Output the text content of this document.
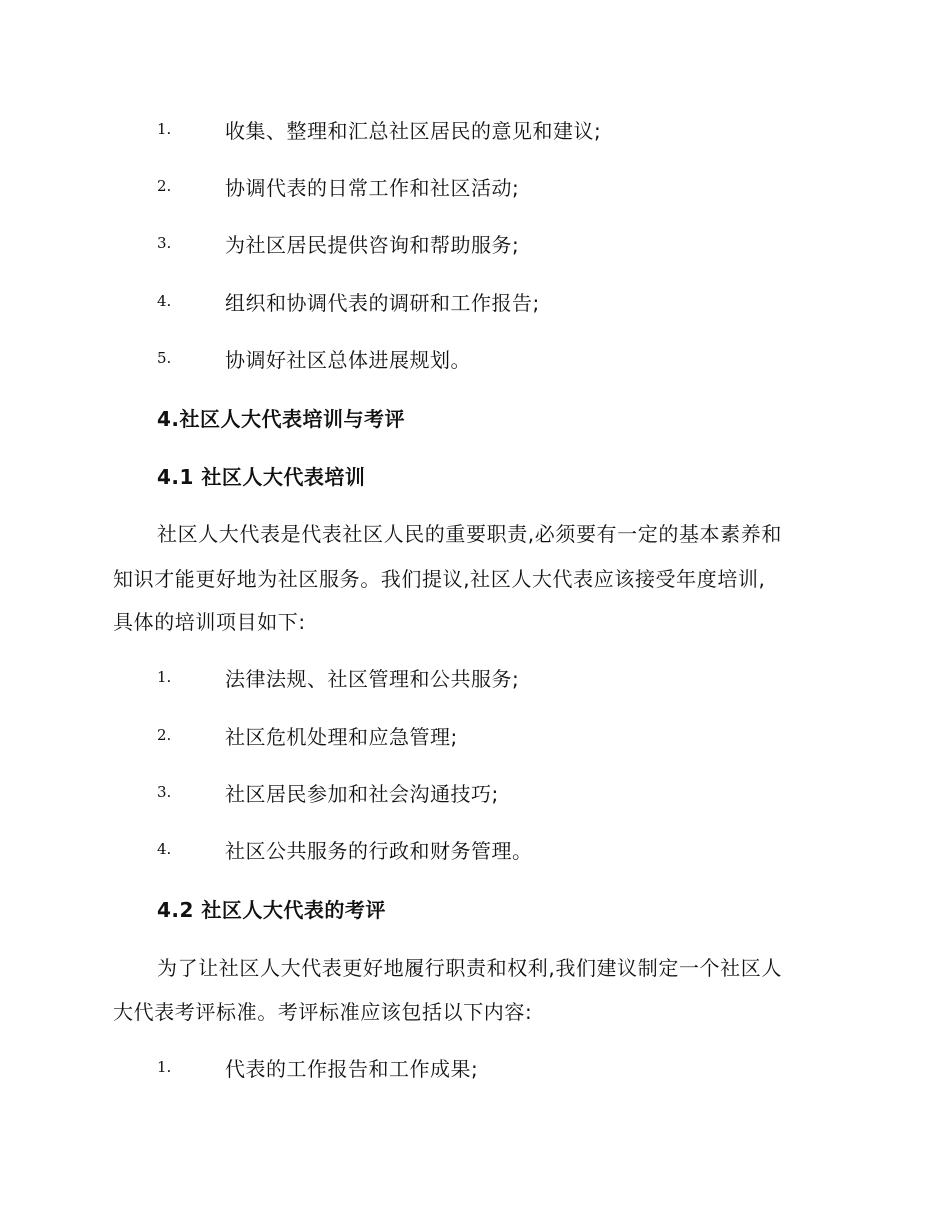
1.	收集、整理和汇总社区居民的意见和建议;
2.	协调代表的日常工作和社区活动;
3.	为社区居民提供咨询和帮助服务;
4.	组织和协调代表的调研和工作报告;
5.	协调好社区总体进展规划。
4.社区人大代表培训与考评
4.1 社区人大代表培训
社区人大代表是代表社区人民的重要职责,必须要有一定的基本素养和
知识才能更好地为社区服务。我们提议,社区人大代表应该接受年度培训,
具体的培训项目如下:
1.	法律法规、社区管理和公共服务;
2.	社区危机处理和应急管理;
3.	社区居民参加和社会沟通技巧;
4.	社区公共服务的行政和财务管理。
4.2 社区人大代表的考评
为了让社区人大代表更好地履行职责和权利,我们建议制定一个社区人
大代表考评标准。考评标准应该包括以下内容:
1.	代表的工作报告和工作成果;
